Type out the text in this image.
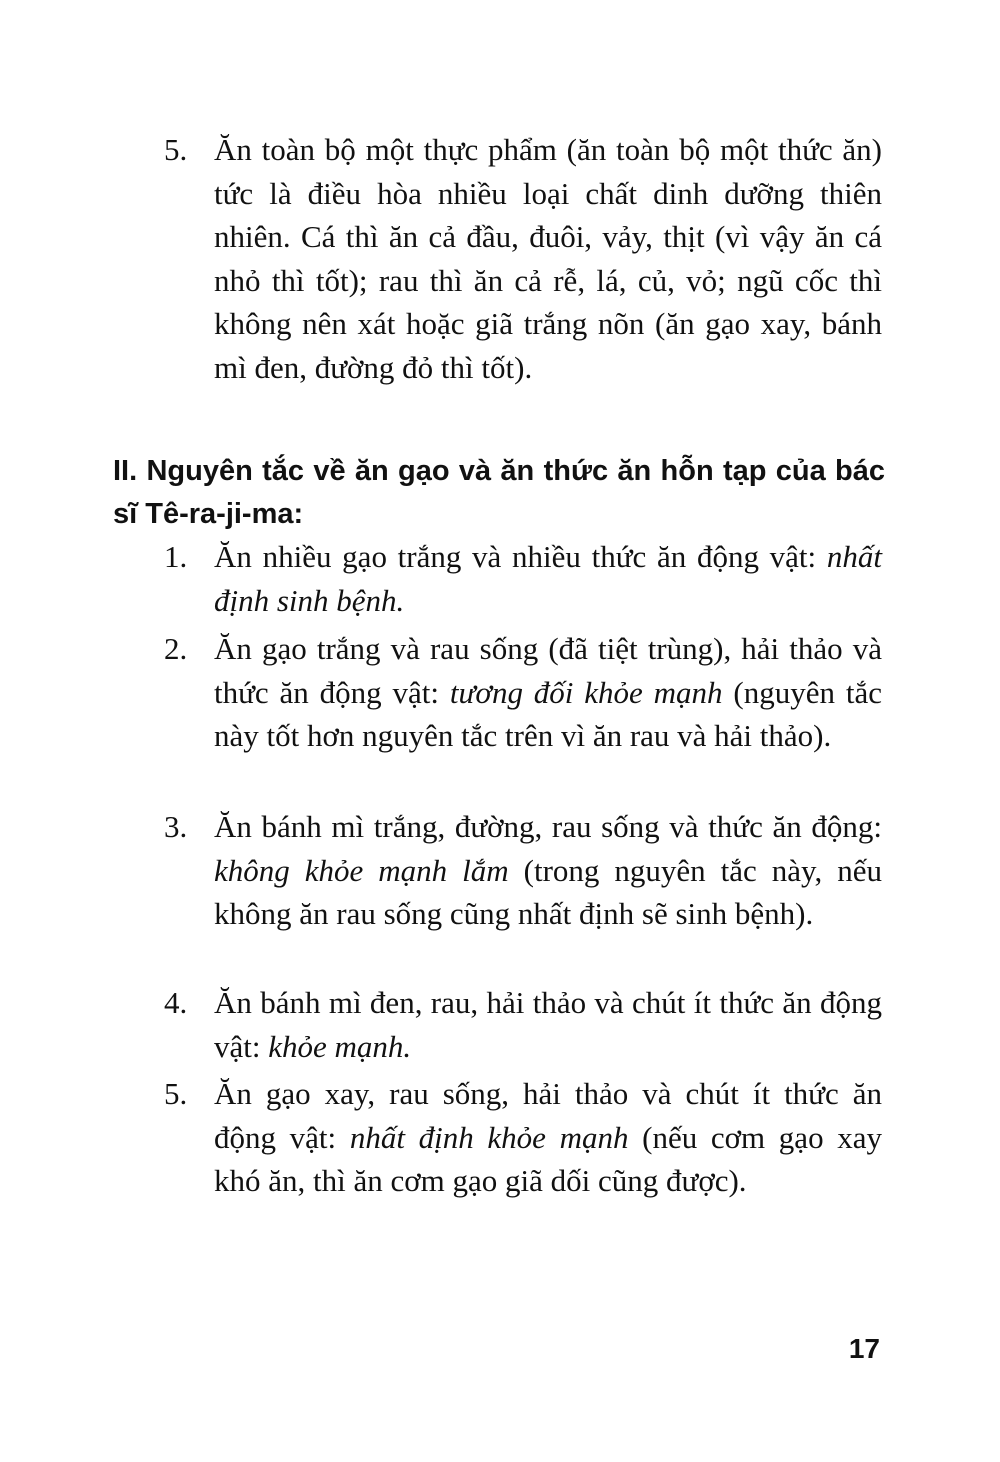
5. Ăn toàn bộ một thực phẩm (ăn toàn bộ một thức ăn) tức là điều hòa nhiều loại chất dinh dưỡng thiên nhiên. Cá thì ăn cả đầu, đuôi, vảy, thịt (vì vậy ăn cá nhỏ thì tốt); rau thì ăn cả rễ, lá, củ, vỏ; ngũ cốc thì không nên xát hoặc giã trắng nõn (ăn gạo xay, bánh mì đen, đường đỏ thì tốt).
II. Nguyên tắc về ăn gạo và ăn thức ăn hỗn tạp của bác sĩ Tê-ra-ji-ma:
1. Ăn nhiều gạo trắng và nhiều thức ăn động vật: nhất định sinh bệnh.
2. Ăn gạo trắng và rau sống (đã tiệt trùng), hải thảo và thức ăn động vật: tương đối khỏe mạnh (nguyên tắc này tốt hơn nguyên tắc trên vì ăn rau và hải thảo).
3. Ăn bánh mì trắng, đường, rau sống và thức ăn động: không khỏe mạnh lắm (trong nguyên tắc này, nếu không ăn rau sống cũng nhất định sẽ sinh bệnh).
4. Ăn bánh mì đen, rau, hải thảo và chút ít thức ăn động vật: khỏe mạnh.
5. Ăn gạo xay, rau sống, hải thảo và chút ít thức ăn động vật: nhất định khỏe mạnh (nếu cơm gạo xay khó ăn, thì ăn cơm gạo giã dối cũng được).
17
